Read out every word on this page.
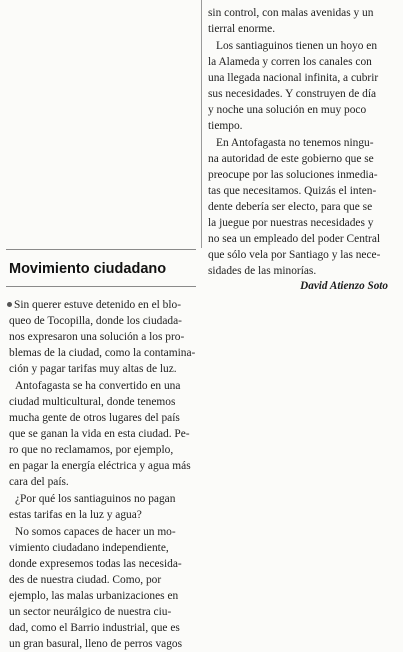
Movimiento ciudadano

Sin querer estuve detenido en el blo-

queo de Tocopilla, donde los ciudada-

nos expresaron una solución a los pro-

blemas de la ciudad, como la contamina-

ción y pagar tarifas muy altas de luz.

Antofagasta se ha convertido en una

ciudad multicultural, donde tenemos

mucha gente de otros lugares del país

que se ganan la vida en esta ciudad. Pe-

ro que no reclamamos, por ejemplo,

en pagar la energía eléctrica y agua más

cara del país.

¿Por qué los santiaguinos no pagan

estas tarifas en la luz y agua?

No somos capaces de hacer un mo-

vimiento ciudadano independiente,

donde expresemos todas las necesida-

des de nuestra ciudad. Como, por

ejemplo, las malas urbanizaciones en

un sector neurálgico de nuestra ciu-

dad, como el Barrio industrial, que es

un gran basural, lleno de perros vagos

sin control, con malas avenidas y un

tierral enorme.

Los santiaguinos tienen un hoyo en

la Alameda y corren los canales con

una llegada nacional infinita, a cubrir

sus necesidades. Y construyen de día

y noche una solución en muy poco

tiempo.

En Antofagasta no tenemos ningu-

na autoridad de este gobierno que se

preocupe por las soluciones inmedia-

tas que necesitamos. Quizás el inten-

dente debería ser electo, para que se

la juegue por nuestras necesidades y

no sea un empleado del poder Central

que sólo vela por Santiago y las nece-

sidades de las minorías.

David Atienzo Soto
